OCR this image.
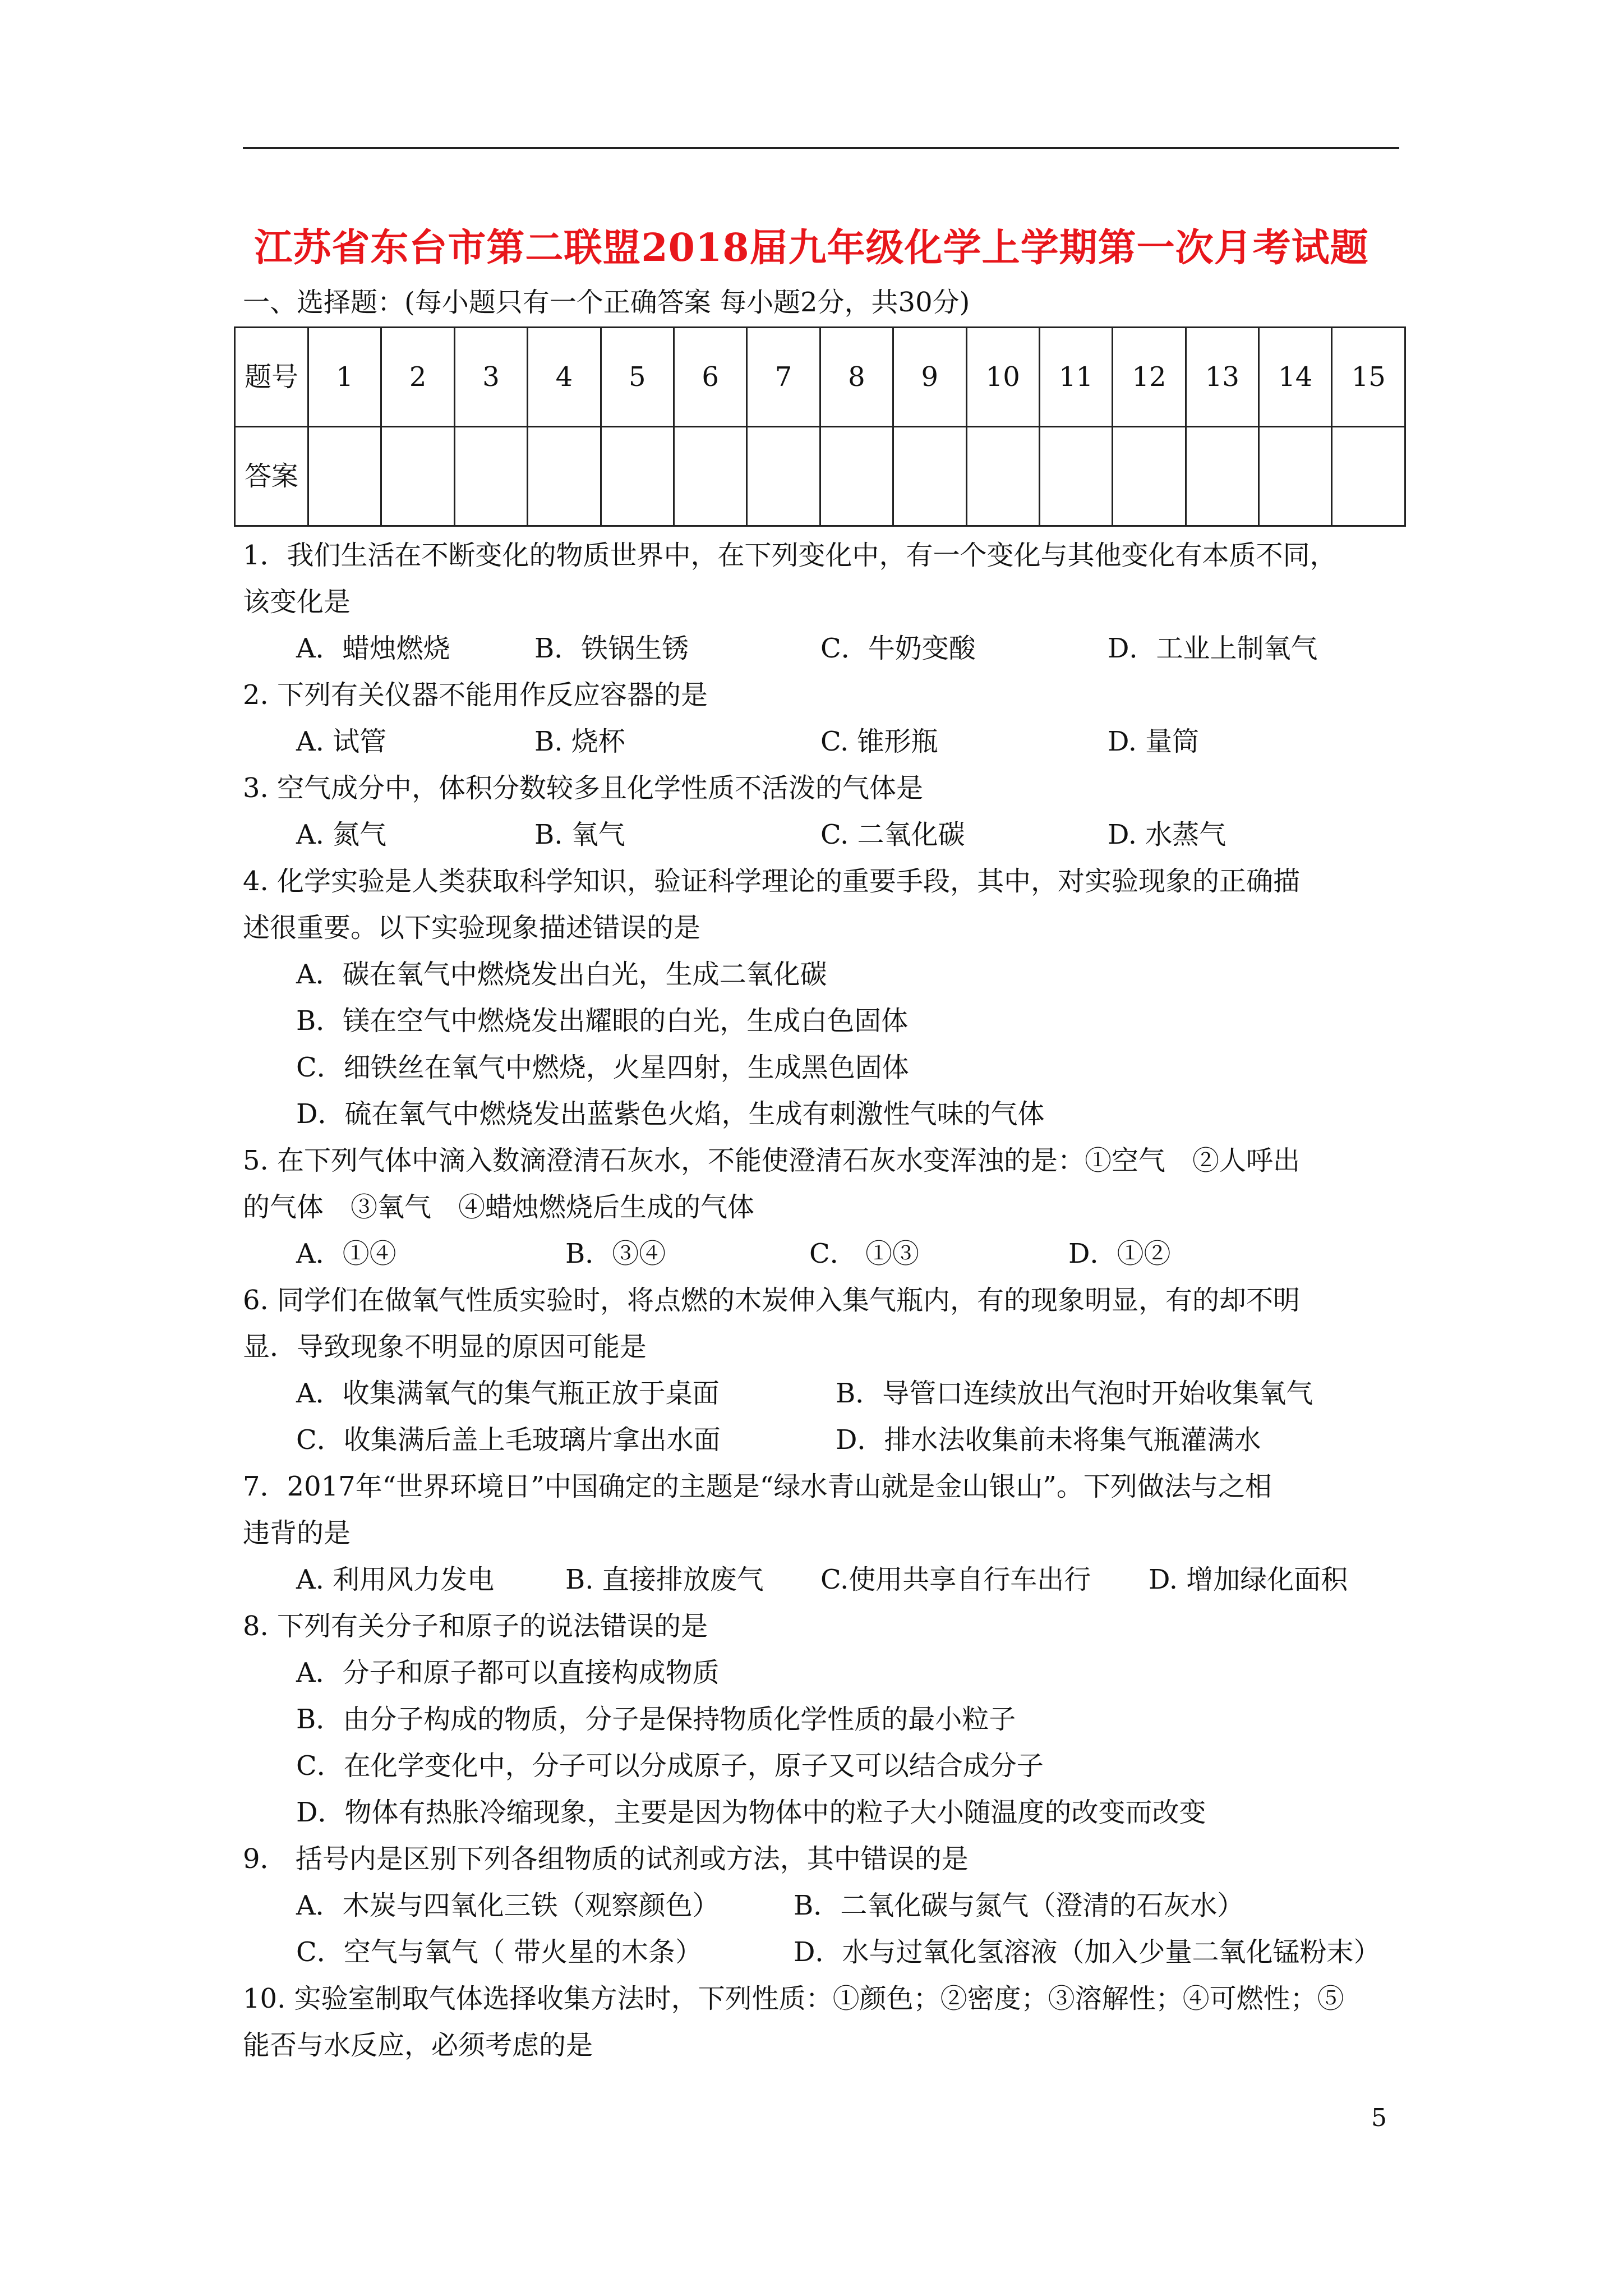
江苏省东台市第二联盟2018届九年级化学上学期第一次月考试题
一、选择题：(每小题只有一个正确答案 每小题2分，共30分)
题号	1	2	3	4	5	6	7	8	9	10	11	12	13	14	15
答案															
1．我们生活在不断变化的物质世界中，在下列变化中，有一个变化与其他变化有本质不同，
该变化是
A．蜡烛燃烧	B．铁锅生锈	C．牛奶变酸	D．工业上制氧气
2. 下列有关仪器不能用作反应容器的是
A. 试管	B. 烧杯	C. 锥形瓶	D. 量筒
3. 空气成分中，体积分数较多且化学性质不活泼的气体是
A. 氮气	B. 氧气	C. 二氧化碳	D. 水蒸气
4. 化学实验是人类获取科学知识，验证科学理论的重要手段，其中，对实验现象的正确描
述很重要。以下实验现象描述错误的是
A．碳在氧气中燃烧发出白光，生成二氧化碳
B．镁在空气中燃烧发出耀眼的白光，生成白色固体
C．细铁丝在氧气中燃烧，火星四射，生成黑色固体
D．硫在氧气中燃烧发出蓝紫色火焰，生成有刺激性气味的气体
5. 在下列气体中滴入数滴澄清石灰水，不能使澄清石灰水变浑浊的是：①空气　②人呼出
的气体　③氧气　④蜡烛燃烧后生成的气体
A．①④	B．③④	C． ①③	D．①②
6. 同学们在做氧气性质实验时，将点燃的木炭伸入集气瓶内，有的现象明显，有的却不明
显．导致现象不明显的原因可能是
A．收集满氧气的集气瓶正放于桌面	B．导管口连续放出气泡时开始收集氧气
C．收集满后盖上毛玻璃片拿出水面	D．排水法收集前未将集气瓶灌满水
7．2017年“世界环境日”中国确定的主题是“绿水青山就是金山银山”。下列做法与之相
违背的是
A. 利用风力发电	B. 直接排放废气 C.使用共享自行车出行 D. 增加绿化面积
8. 下列有关分子和原子的说法错误的是
A．分子和原子都可以直接构成物质
B．由分子构成的物质，分子是保持物质化学性质的最小粒子
C．在化学变化中，分子可以分成原子，原子又可以结合成分子
D．物体有热胀冷缩现象，主要是因为物体中的粒子大小随温度的改变而改变
9． 括号内是区别下列各组物质的试剂或方法，其中错误的是
A．木炭与四氧化三铁（观察颜色）	B．二氧化碳与氮气（澄清的石灰水）
C．空气与氧气（ 带火星的木条）	D．水与过氧化氢溶液（加入少量二氧化锰粉末）
10. 实验室制取气体选择收集方法时，下列性质：①颜色；②密度；③溶解性；④可燃性；⑤
能否与水反应，必须考虑的是
5
